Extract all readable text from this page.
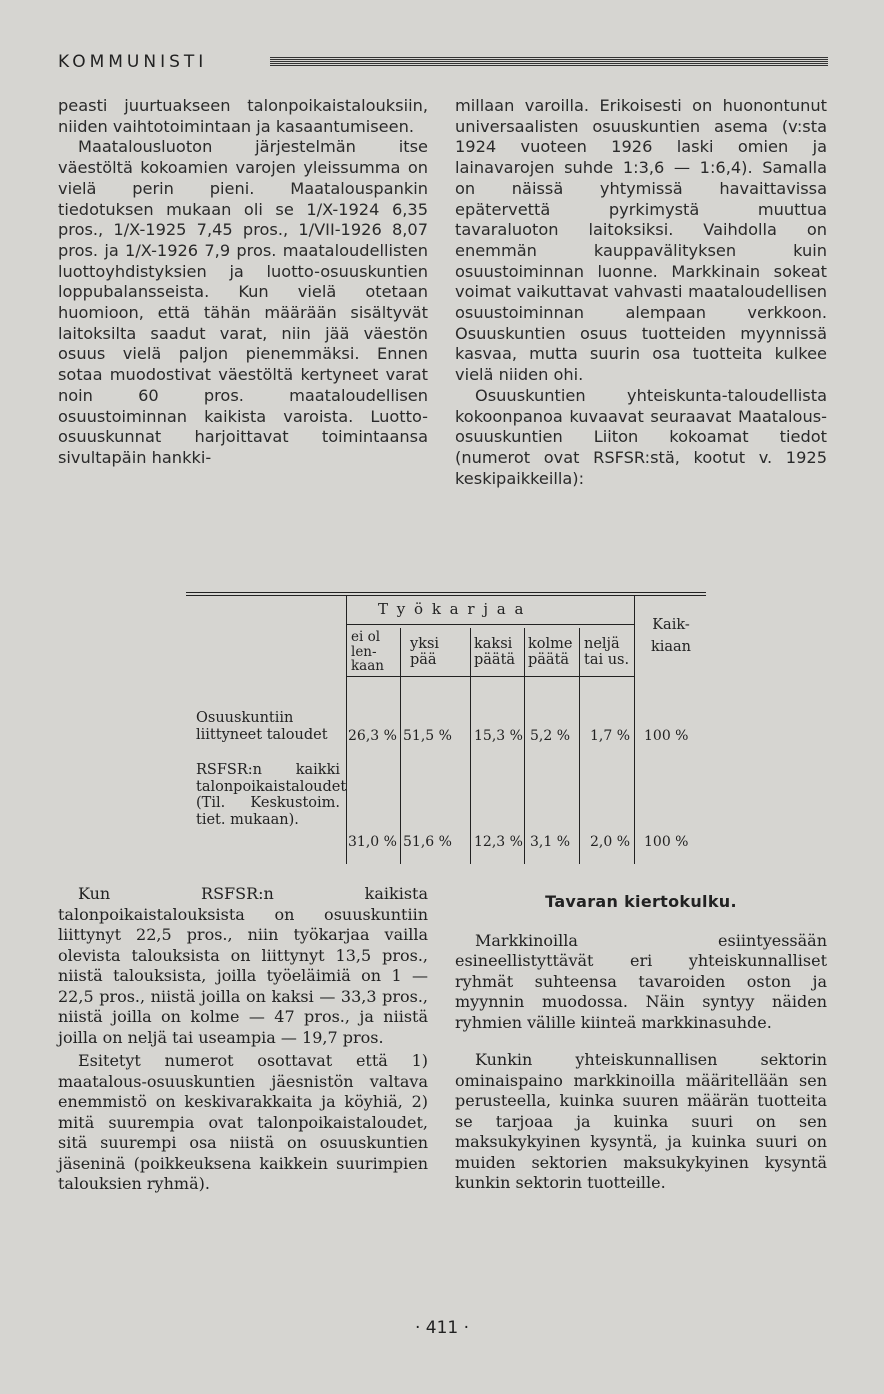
KOMMUNISTI

peasti juurtuakseen talonpoikaistalouksiin, niiden vaihtotoimintaan ja kasaantumiseen.

Maatalousluoton järjestelmän itse väestöltä kokoamien varojen yleissumma on vielä perin pieni. Maatalouspankin tiedotuksen mukaan oli se 1/X-1924 6,35 pros., 1/X-1925 7,45 pros., 1/VII-1926 8,07 pros. ja 1/X-1926 7,9 pros. maataloudellisten luottoyhdistyksien ja luotto-osuuskuntien loppubalansseista. Kun vielä otetaan huomioon, että tähän määrään sisältyvät laitoksilta saadut varat, niin jää väestön osuus vielä paljon pienemmäksi. Ennen sotaa muodostivat väestöltä kertyneet varat noin 60 pros. maataloudellisen osuustoiminnan kaikista varoista. Luotto-osuuskunnat harjoittavat toimintaansa sivultapäin hankki-

millaan varoilla. Erikoisesti on huonontunut universaalisten osuuskuntien asema (v:sta 1924 vuoteen 1926 laski omien ja lainavarojen suhde 1:3,6 — 1:6,4). Samalla on näissä yhtymissä havaittavissa epätervettä pyrkimystä muuttua tavaraluoton laitoksiksi. Vaihdolla on enemmän kauppavälityksen kuin osuustoiminnan luonne. Markkinain sokeat voimat vaikuttavat vahvasti maataloudellisen osuustoiminnan alempaan verkkoon. Osuuskuntien osuus tuotteiden myynnissä kasvaa, mutta suurin osa tuotteita kulkee vielä niiden ohi.

Osuuskuntien yhteiskunta-taloudellista kokoonpanoa kuvaavat seuraavat Maatalous-osuuskuntien Liiton kokoamat tiedot (numerot ovat RSFSR:stä, kootut v. 1925 keskipaikkeilla):

T y ö k a r j a a
Kaik-
kiaan
ei ol
len-
kaan
yksi
pää
kaksi
päätä
kolme
päätä
neljä
tai us.
Osuuskuntiin liittyneet taloudet
RSFSR:n kaikki talonpoikaistaloudet (Til. Keskustoim. tiet. mukaan).
26,3 % 51,5 % 15,3 % 5,2 % 1,7 % 100 %
31,0 % 51,6 % 12,3 % 3,1 % 2,0 % 100 %

Kun RSFSR:n kaikista talonpoikaistalouksista on osuuskuntiin liittynyt 22,5 pros., niin työkarjaa vailla olevista talouksista on liittynyt 13,5 pros., niistä talouksista, joilla työeläimiä on 1 — 22,5 pros., niistä joilla on kaksi — 33,3 pros., niistä joilla on kolme — 47 pros., ja niistä joilla on neljä tai useampia — 19,7 pros.

Esitetyt numerot osottavat että 1) maatalous-osuuskuntien jäesnistön valtava enemmistö on keskivarakkaita ja köyhiä, 2) mitä suurempia ovat talonpoikaistaloudet, sitä suurempi osa niistä on osuuskuntien jäseninä (poikkeuksena kaikkein suurimpien talouksien ryhmä).

Tavaran kiertokulku.

Markkinoilla esiintyessään esineellistyttävät eri yhteiskunnalliset ryhmät suhteensa tavaroiden oston ja myynnin muodossa. Näin syntyy näiden ryhmien välille kiinteä markkinasuhde.

Kunkin yhteiskunnallisen sektorin ominaispaino markkinoilla määritellään sen perusteella, kuinka suuren määrän tuotteita se tarjoaa ja kuinka suuri on sen maksukykyinen kysyntä, ja kuinka suuri on muiden sektorien maksukykyinen kysyntä kunkin sektorin tuotteille.

· 411 ·
